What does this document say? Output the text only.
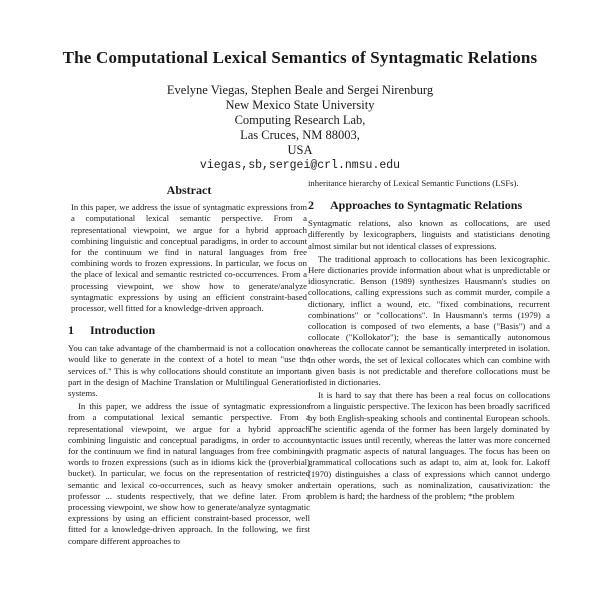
The Computational Lexical Semantics of Syntagmatic Relations
Evelyne Viegas, Stephen Beale and Sergei Nirenburg
New Mexico State University
Computing Research Lab,
Las Cruces, NM 88003,
USA
viegas,sb,sergei@crl.nmsu.edu
Abstract

In this paper, we address the issue of syntagmatic expressions from a computational lexical semantic perspective. From a representational viewpoint, we argue for a hybrid approach combining linguistic and conceptual paradigms, in order to account for the continuum we find in natural languages from free combining words to frozen expressions. In particular, we focus on the place of lexical and semantic restricted co-occurrences. From a processing viewpoint, we show how to generate/analyze syntagmatic expressions by using an efficient constraint-based processor, well fitted for a knowledge-driven approach.

1	Introduction

You can take advantage of the chambermaid is not a collocation one would like to generate in the context of a hotel to mean "use the services of." This is why collocations should constitute an important part in the design of Machine Translation or Multilingual Generation systems.

In this paper, we address the issue of syntagmatic expressions from a computational lexical semantic perspective. From a representational viewpoint, we argue for a hybrid approach combining linguistic and conceptual paradigms, in order to account for the continuum we find in natural languages from free combining words to frozen expressions (such as in idioms kick the (proverbial) bucket). In particular, we focus on the representation of restricted semantic and lexical co-occurrences, such as heavy smoker and professor ... students respectively, that we define later. From a processing viewpoint, we show how to generate/analyze syntagmatic expressions by using an efficient constraint-based processor, well fitted for a knowledge-driven approach. In the following, we first compare different approaches to

inheritance hierarchy of Lexical Semantic Functions (LSFs).

2	Approaches to Syntagmatic Relations

Syntagmatic relations, also known as collocations, are used differently by lexicographers, linguists and statisticians denoting almost similar but not identical classes of expressions.

The traditional approach to collocations has been lexicographic. Here dictionaries provide information about what is unpredictable or idiosyncratic. Benson (1989) synthesizes Hausmann's studies on collocations, calling expressions such as commit murder, compile a dictionary, inflict a wound, etc. "fixed combinations, recurrent combinations" or "collocations". In Hausmann's terms (1979) a collocation is composed of two elements, a base ("Basis") and a collocate ("Kollokator"); the base is semantically autonomous whereas the collocate cannot be semantically interpreted in isolation. In other words, the set of lexical collocates which can combine with a given basis is not predictable and therefore collocations must be listed in dictionaries.

It is hard to say that there has been a real focus on collocations from a linguistic perspective. The lexicon has been broadly sacrificed by both English-speaking schools and continental European schools. The scientific agenda of the former has been largely dominated by syntactic issues until recently, whereas the latter was more concerned with pragmatic aspects of natural languages. The focus has been on grammatical collocations such as adapt to, aim at, look for. Lakoff (1970) distinguishes a class of expressions which cannot undergo certain operations, such as nominalization, causativization: the problem is hard; the hardness of the problem; *the problem
